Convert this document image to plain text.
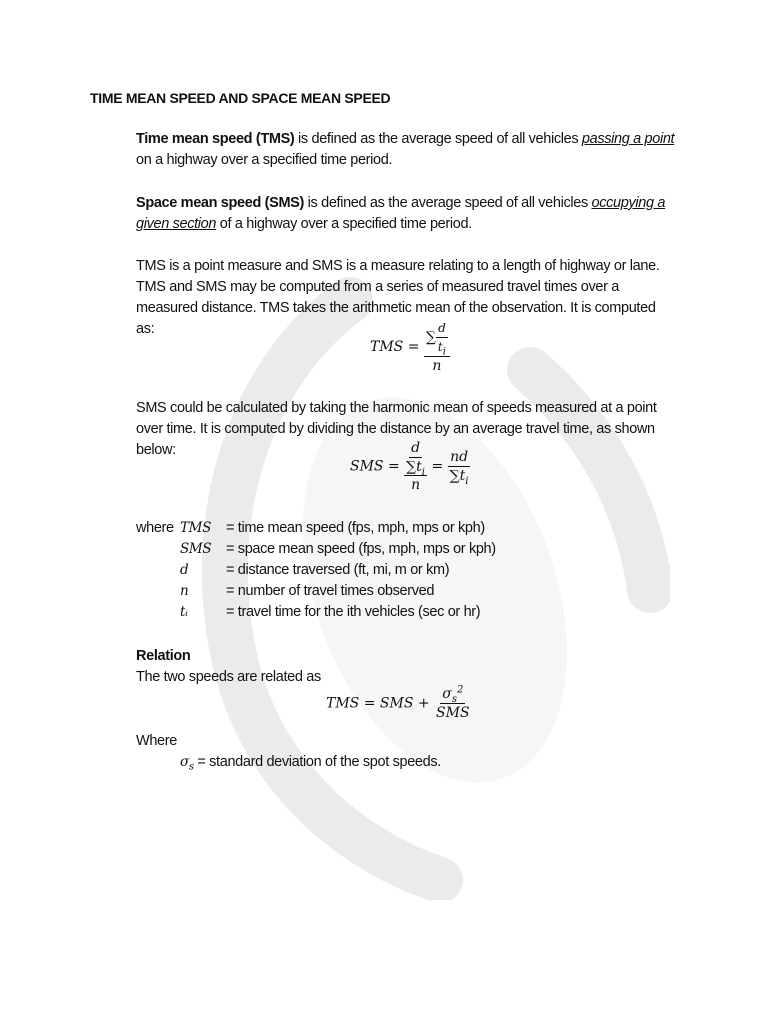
TIME MEAN SPEED AND SPACE MEAN SPEED
Time mean speed (TMS) is defined as the average speed of all vehicles passing a point on a highway over a specified time period.
Space mean speed (SMS) is defined as the average speed of all vehicles occupying a given section of a highway over a specified time period.
TMS is a point measure and SMS is a measure relating to a length of highway or lane. TMS and SMS may be computed from a series of measured travel times over a measured distance. TMS takes the arithmetic mean of the observation. It is computed as:
TMS = $\frac{\sum \frac{d}{t_i}}{n}$
SMS could be calculated by taking the harmonic mean of speeds measured at a point over time. It is computed by dividing the distance by an average travel time, as shown below:
SMS =
d
$\sum t_i$
n
= $\frac{nd}{\sum t_i}$
where TMS = time mean speed (fps, mph, mps or kph)
SMS = space mean speed (fps, mph, mps or kph)
d	= distance traversed (ft, mi, m or km)
n	= number of travel times observed
tᵢ	= travel time for the ith vehicles (sec or hr)
Relation
The two speeds are related as
TMS = SMS + $\frac{\sigma_s^2}{\text{SMS}}$
Where
$\sigma_s$ = standard deviation of the spot speeds.
